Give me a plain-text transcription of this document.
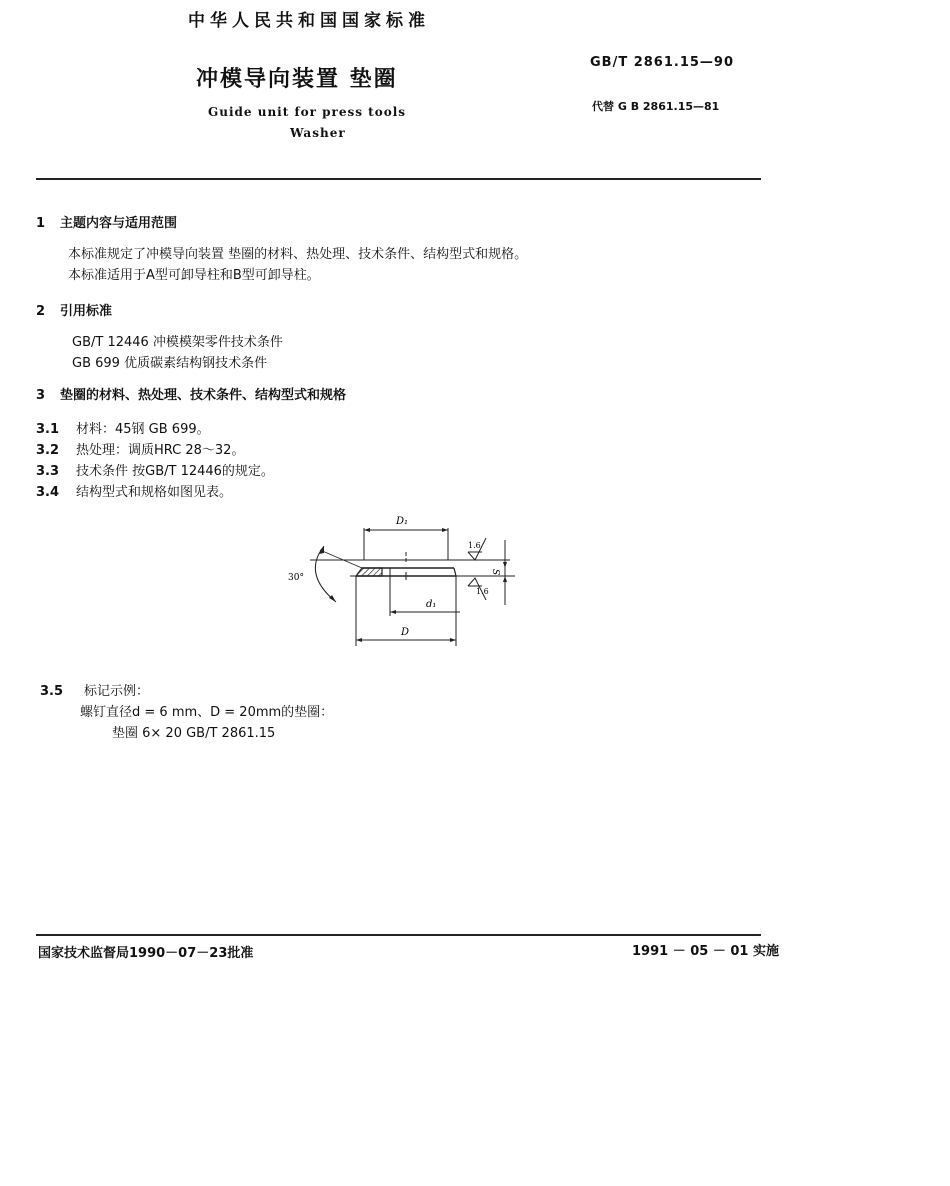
中华人民共和国国家标准
冲模导向装置 垫圈
Guide unit for press tools
Washer
GB/T 2861.15—90
代替 G B 2861.15—81
1 主题内容与适用范围
本标准规定了冲模导向装置 垫圈的材料、热处理、技术条件、结构型式和规格。
本标准适用于A型可卸导柱和B型可卸导柱。
2 引用标准
GB/T 12446 冲模模架零件技术条件
GB 699 优质碳素结构钢技术条件
3 垫圈的材料、热处理、技术条件、结构型式和规格
3.1 材料：45钢 GB 699。
3.2 热处理：调质HRC 28～32。
3.3 技术条件 按GB/T 12446的规定。
3.4 结构型式和规格如图见表。
D₁
d₁
D
30°
S
1.6
1.6
3.5 标记示例：
螺钉直径d = 6 mm、D = 20mm的垫圈：
垫圈 6× 20 GB/T 2861.15
国家技术监督局1990－07－23批准	1991 － 05 － 01 实施
